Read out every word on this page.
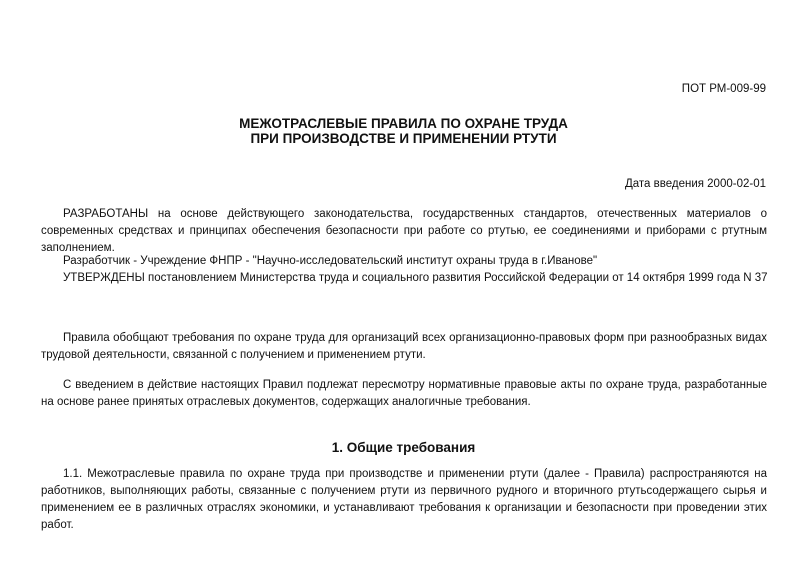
ПОТ РМ-009-99
МЕЖОТРАСЛЕВЫЕ ПРАВИЛА ПО ОХРАНЕ ТРУДА
ПРИ ПРОИЗВОДСТВЕ И ПРИМЕНЕНИИ РТУТИ
Дата введения 2000-02-01
РАЗРАБОТАНЫ на основе действующего законодательства, государственных стандартов, отечественных материалов о современных средствах и принципах обеспечения безопасности при работе со ртутью, ее соединениями и приборами с ртутным заполнением.
Разработчик - Учреждение ФНПР - "Научно-исследовательский институт охраны труда в г.Иванове"
УТВЕРЖДЕНЫ постановлением Министерства труда и социального развития Российской Федерации от 14 октября 1999 года N 37
Правила обобщают требования по охране труда для организаций всех организационно-правовых форм при разнообразных видах трудовой деятельности, связанной с получением и применением ртути.
С введением в действие настоящих Правил подлежат пересмотру нормативные правовые акты по охране труда, разработанные на основе ранее принятых отраслевых документов, содержащих аналогичные требования.
1. Общие требования
1.1. Межотраслевые правила по охране труда при производстве и применении ртути (далее - Правила) распространяются на работников, выполняющих работы, связанные с получением ртути из первичного рудного и вторичного ртутьсодержащего сырья и применением ее в различных отраслях экономики, и устанавливают требования к организации и безопасности при проведении этих работ.
